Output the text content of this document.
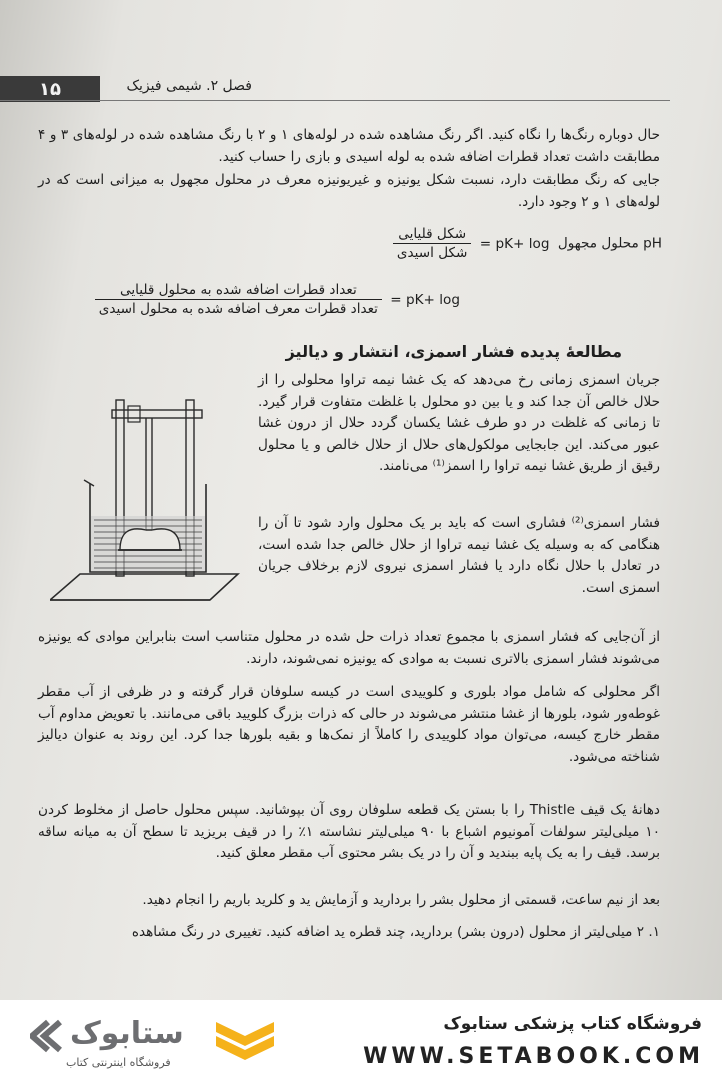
۱۵	فصل ۲. شیمی فیزیک
حال دوباره رنگ‌ها را نگاه کنید. اگر رنگ مشاهده شده در لوله‌های ۱ و ۲ با رنگ مشاهده شده در لوله‌های ۳ و ۴ مطابقت داشت تعداد قطرات اضافه شده به لوله اسیدی و بازی را حساب کنید.
جایی که رنگ مطابقت دارد، نسبت شکل یونیزه و غیریونیزه معرف در محلول مجهول به میزانی است که در لوله‌های ۱ و ۲ وجود دارد.
pH محلول مجهول = pK+ log
$\frac{\text{شکل قلیایی}}{\text{شکل اسیدی}}$
= pK+ log
$\frac{\text{تعداد قطرات اضافه شده به محلول قلیایی}}{\text{تعداد قطرات معرف اضافه شده به محلول اسیدی}}$
مطالعهٔ پدیده فشار اسمزی، انتشار و دیالیز
جریان اسمزی زمانی رخ می‌دهد که یک غشا نیمه تراوا محلولی را از حلال خالص آن جدا کند و یا بین دو محلول با غلظت متفاوت قرار گیرد. تا زمانی که غلظت در دو طرف غشا یکسان گردد حلال از درون غشا عبور می‌کند. این جابجایی مولکول‌های حلال از حلال خالص و یا محلول رقیق از طریق غشا نیمه تراوا را اسمز⁽¹⁾ می‌نامند.
فشار اسمزی⁽²⁾ فشاری است که باید بر یک محلول وارد شود تا آن را هنگامی که به وسیله یک غشا نیمه تراوا از حلال خالص جدا شده است، در تعادل با حلال نگاه دارد یا فشار اسمزی نیروی لازم برخلاف جریان اسمزی است.
از آن‌جایی که فشار اسمزی با مجموع تعداد ذرات حل شده در محلول متناسب است بنابراین موادی که یونیزه می‌شوند فشار اسمزی بالاتری نسبت به موادی که یونیزه نمی‌شوند، دارند.
اگر محلولی که شامل مواد بلوری و کلوییدی است در کیسه سلوفان قرار گرفته و در ظرفی از آب مقطر غوطه‌ور شود، بلورها از غشا منتشر می‌شوند در حالی که ذرات بزرگ کلویید باقی می‌مانند. با تعویض مداوم آب مقطر خارج کیسه، می‌توان مواد کلوییدی را کاملاً از نمک‌ها و بقیه بلورها جدا کرد. این روند به عنوان دیالیز شناخته می‌شود.
دهانهٔ یک قیف Thistle را با بستن یک قطعه سلوفان روی آن بپوشانید. سپس محلول حاصل از مخلوط کردن ۱۰ میلی‌لیتر سولفات آمونیوم اشباع با ۹۰ میلی‌لیتر نشاسته ۱٪ را در قیف بریزید تا سطح آن به میانه ساقه برسد. قیف را به یک پایه ببندید و آن را در یک بشر محتوی آب مقطر معلق کنید.
بعد از نیم ساعت، قسمتی از محلول بشر را بردارید و آزمایش ید و کلرید باریم را انجام دهید.
۱. ۲ میلی‌لیتر از محلول (درون بشر) بردارید، چند قطره ید اضافه کنید. تغییری در رنگ مشاهده
ستابوک
فروشگاه اینترنتی کتاب
فروشگاه کتاب پزشکی ستابوک
WWW.SETABOOK.COM
